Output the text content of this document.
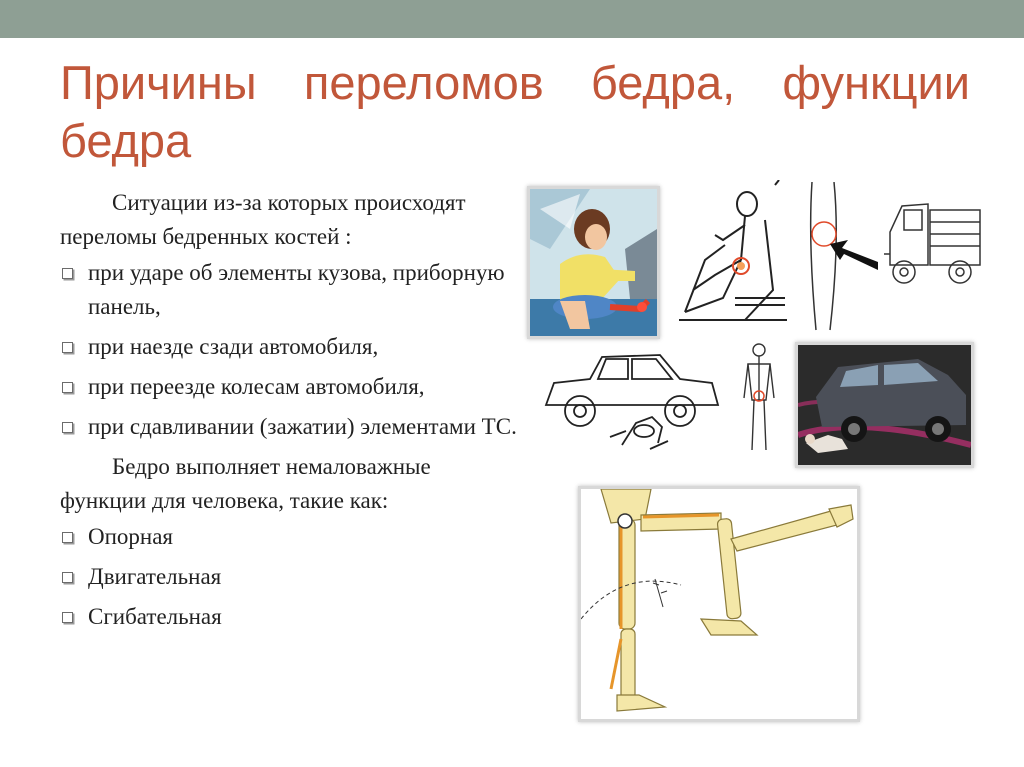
Причины переломов бедра, функции бедра

Ситуации из-за которых происходят переломы бедренных костей :

при ударе об элементы кузова, приборную панель,
при наезде сзади автомобиля,
при переезде колесам автомобиля,
при сдавливании (зажатии) элементами ТС.

Бедро выполняет немаловажные функции для человека, такие как:

Опорная
Двигательная
Сгибательная
